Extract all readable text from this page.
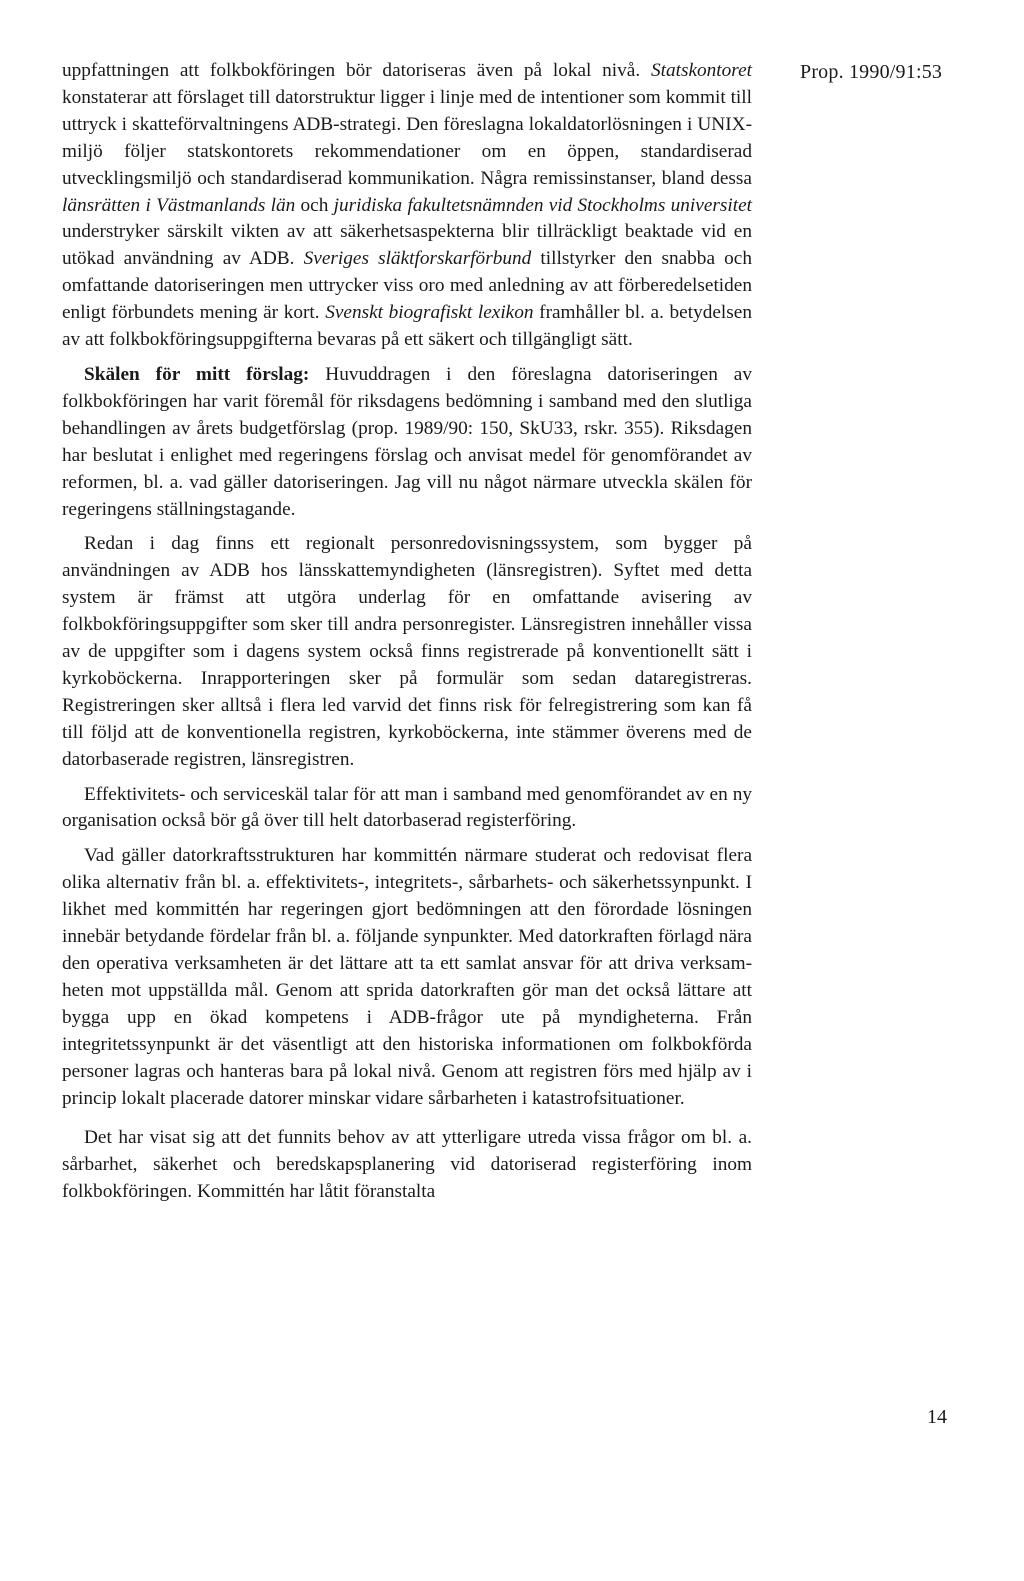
Prop. 1990/91:53

uppfattningen att folkbokföringen bör datoriseras även på lokal nivå. Statskontoret konstaterar att förslaget till datorstruktur ligger i linje med de intentioner som kommit till uttryck i skatteförvaltningens ADB-strategi. Den föreslagna lokaldatorlösningen i UNIX-miljö följer statskontorets rekommendationer om en öppen, standardiserad utvecklingsmiljö och standardiserad kommunikation. Några remissinstanser, bland dessa länsrätten i Västmanlands län och juridiska fakultetsnämnden vid Stockholms universitet understryker särskilt vikten av att säkerhetsaspekterna blir tillräckligt beaktade vid en utökad användning av ADB. Sveriges släktforskarförbund tillstyrker den snabba och omfattande datoriseringen men uttrycker viss oro med anledning av att förberedelsetiden enligt förbundets mening är kort. Svenskt biografiskt lexikon framhåller bl. a. betydelsen av att folkbokföringsuppgifterna bevaras på ett säkert och tillgängligt sätt.

Skälen för mitt förslag: Huvuddragen i den föreslagna datoriseringen av folkbokföringen har varit föremål för riksdagens bedömning i samband med den slutliga behandlingen av årets budgetförslag (prop. 1989/90: 150, SkU33, rskr. 355). Riksdagen har beslutat i enlighet med regeringens förslag och anvisat medel för genomförandet av reformen, bl. a. vad gäller datoriseringen. Jag vill nu något närmare utveckla skälen för regeringens ställningstagande.

Redan i dag finns ett regionalt personredovisningssystem, som bygger på användningen av ADB hos länsskattemyndigheten (länsregistren). Syftet med detta system är främst att utgöra underlag för en omfattande avisering av folkbokföringsuppgifter som sker till andra personregister. Länsregistren innehåller vissa av de uppgifter som i dagens system också finns registrerade på konventionellt sätt i kyrkoböckerna. Inrapporteringen sker på formulär som sedan dataregistreras. Registreringen sker alltså i flera led varvid det finns risk för felregistrering som kan få till följd att de konventionella registren, kyrkoböckerna, inte stämmer överens med de datorbaserade registren, länsregistren.

Effektivitets- och serviceskäl talar för att man i samband med genomförandet av en ny organisation också bör gå över till helt datorbaserad registerföring.

Vad gäller datorkraftsstrukturen har kommittén närmare studerat och redovisat flera olika alternativ från bl. a. effektivitets-, integritets-, sårbarhets- och säkerhetssynpunkt. I likhet med kommittén har regeringen gjort bedömningen att den förordade lösningen innebär betydande fördelar från bl. a. följande synpunkter. Med datorkraften förlagd nära den operativa verksamheten är det lättare att ta ett samlat ansvar för att driva verksamheten mot uppställda mål. Genom att sprida datorkraften gör man det också lättare att bygga upp en ökad kompetens i ADB-frågor ute på myndigheterna. Från integritetssynpunkt är det väsentligt att den historiska informationen om folkbokförda personer lagras och hanteras bara på lokal nivå. Genom att registren förs med hjälp av i princip lokalt placerade datorer minskar vidare sårbarheten i katastrofsituationer.

Det har visat sig att det funnits behov av att ytterligare utreda vissa frågor om bl. a. sårbarhet, säkerhet och beredskapsplanering vid datoriserad registerföring inom folkbokföringen. Kommittén har låtit föranstalta

14
